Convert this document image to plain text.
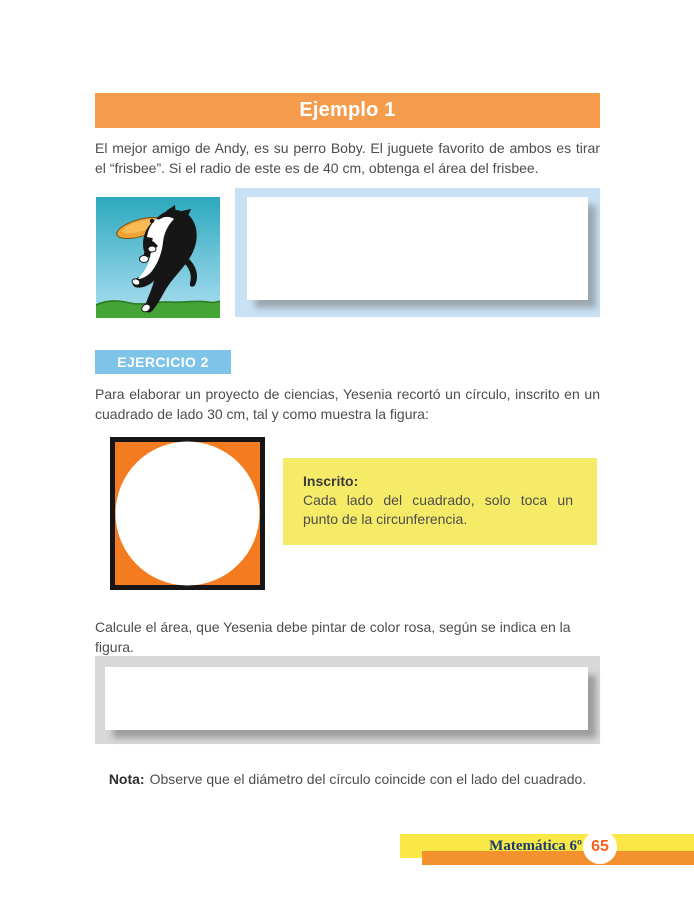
Ejemplo 1
El mejor amigo de Andy, es su perro Boby. El juguete favorito de ambos es tirar el “frisbee”. Si el radio de este es de 40 cm, obtenga el área del frisbee.
EJERCICIO 2
Para elaborar un proyecto de ciencias, Yesenia recortó un círculo, inscrito en un cuadrado de lado 30 cm, tal y como muestra la figura:
Inscrito:
Cada lado del cuadrado, solo toca un punto de la circunferencia.
Calcule el área, que Yesenia debe pintar de color rosa, según se indica en la figura.
Nota: Observe que el diámetro del círculo coincide con el lado del cuadrado.
Matemática 6º 65
